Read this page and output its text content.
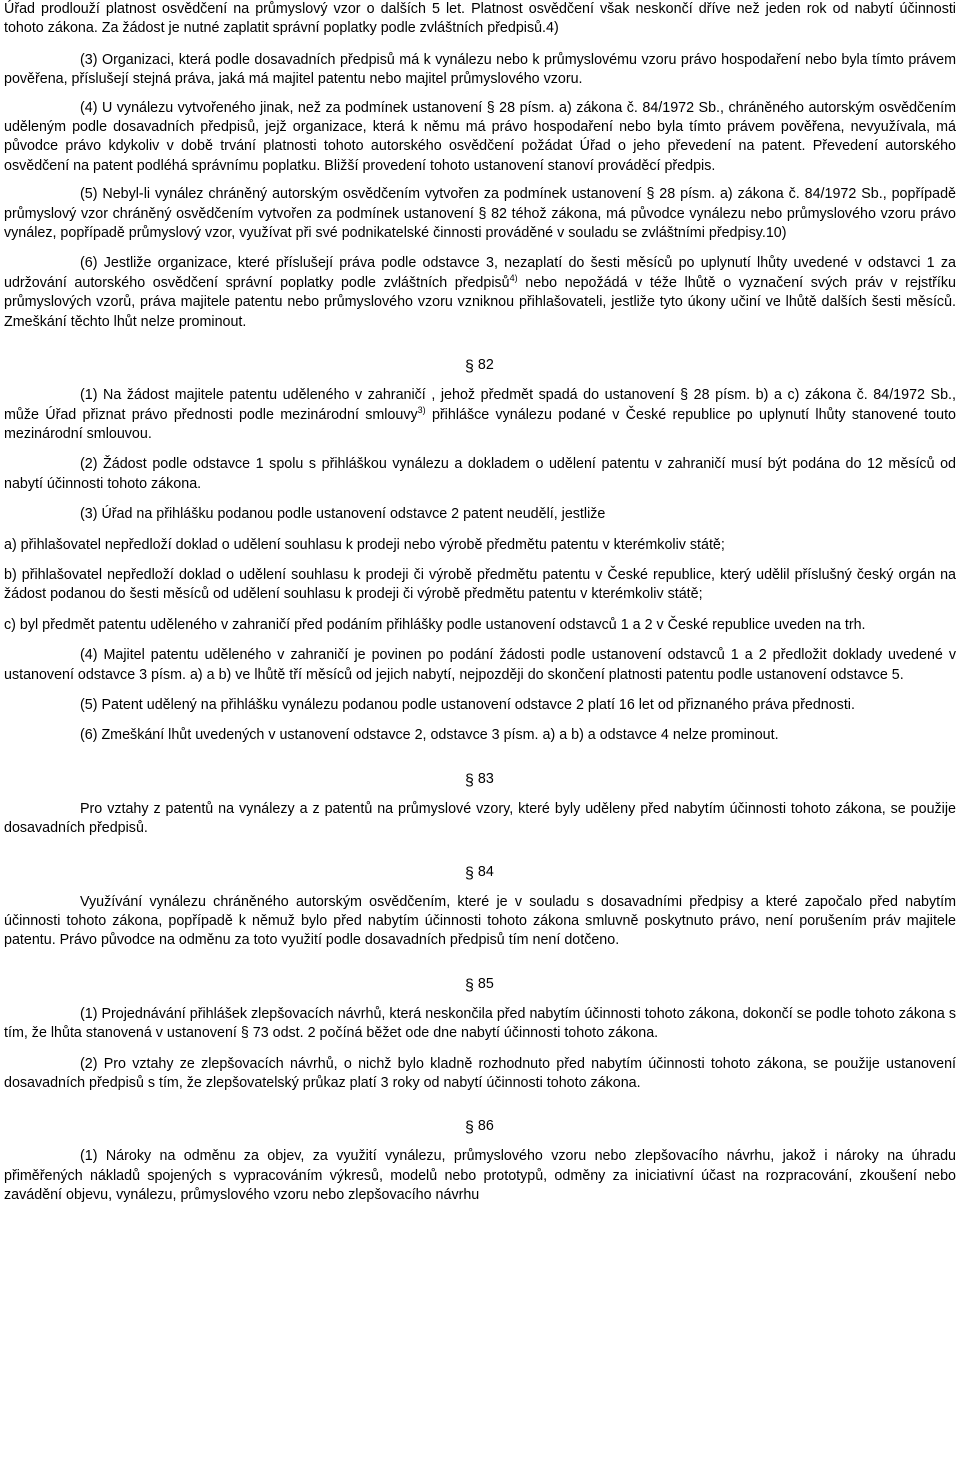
Úřad prodlouží platnost osvědčení na průmyslový vzor o dalších 5 let. Platnost osvědčení však neskončí dříve než jeden rok od nabytí účinnosti tohoto zákona. Za žádost je nutné zaplatit správní poplatky podle zvláštních předpisů.4)

(3) Organizaci, která podle dosavadních předpisů má k vynálezu nebo k průmyslovému vzoru právo hospodaření nebo byla tímto právem pověřena, příslušejí stejná práva, jaká má majitel patentu nebo majitel průmyslového vzoru.

(4) U vynálezu vytvořeného jinak, než za podmínek ustanovení § 28 písm. a) zákona č. 84/1972 Sb., chráněného autorským osvědčením uděleným podle dosavadních předpisů, jejž organizace, která k němu má právo hospodaření nebo byla tímto právem pověřena, nevyužívala, má původce právo kdykoliv v době trvání platnosti tohoto autorského osvědčení požádat Úřad o jeho převedení na patent. Převedení autorského osvědčení na patent podléhá správnímu poplatku. Bližší provedení tohoto ustanovení stanoví prováděcí předpis.

(5) Nebyl-li vynález chráněný autorským osvědčením vytvořen za podmínek ustanovení § 28 písm. a) zákona č. 84/1972 Sb., popřípadě průmyslový vzor chráněný osvědčením vytvořen za podmínek ustanovení § 82 téhož zákona, má původce vynálezu nebo průmyslového vzoru právo vynález, popřípadě průmyslový vzor, využívat při své podnikatelské činnosti prováděné v souladu se zvláštními předpisy.10)

(6) Jestliže organizace, které příslušejí práva podle odstavce 3, nezaplatí do šesti měsíců po uplynutí lhůty uvedené v odstavci 1 za udržování autorského osvědčení správní poplatky podle zvláštních předpisů$^{4)}$ nebo nepožádá v téže lhůtě o vyznačení svých práv v rejstříku průmyslových vzorů, práva majitele patentu nebo průmyslového vzoru vzniknou přihlašovateli, jestliže tyto úkony učiní ve lhůtě dalších šesti měsíců. Zmeškání těchto lhůt nelze prominout.

§ 82

(1) Na žádost majitele patentu uděleného v zahraničí , jehož předmět spadá do ustanovení § 28 písm. b) a c) zákona č. 84/1972 Sb., může Úřad přiznat právo přednosti podle mezinárodní smlouvy$^{3)}$ přihlášce vynálezu podané v České republice po uplynutí lhůty stanovené touto mezinárodní smlouvou.

(2) Žádost podle odstavce 1 spolu s přihláškou vynálezu a dokladem o udělení patentu v zahraničí musí být podána do 12 měsíců od nabytí účinnosti tohoto zákona.

(3) Úřad na přihlášku podanou podle ustanovení odstavce 2 patent neudělí, jestliže

a) přihlašovatel nepředloží doklad o udělení souhlasu k prodeji nebo výrobě předmětu patentu v kterémkoliv státě;

b) přihlašovatel nepředloží doklad o udělení souhlasu k prodeji či výrobě předmětu patentu v České republice, který udělil příslušný český orgán na žádost podanou do šesti měsíců od udělení souhlasu k prodeji či výrobě předmětu patentu v kterémkoliv státě;

c) byl předmět patentu uděleného v zahraničí před podáním přihlášky podle ustanovení odstavců 1 a 2 v České republice uveden na trh.

(4) Majitel patentu uděleného v zahraničí je povinen po podání žádosti podle ustanovení odstavců 1 a 2 předložit doklady uvedené v ustanovení odstavce 3 písm. a) a b) ve lhůtě tří měsíců od jejich nabytí, nejpozději do skončení platnosti patentu podle ustanovení odstavce 5.

(5) Patent udělený na přihlášku vynálezu podanou podle ustanovení odstavce 2 platí 16 let od přiznaného práva přednosti.

(6) Zmeškání lhůt uvedených v ustanovení odstavce 2, odstavce 3 písm. a) a b) a odstavce 4 nelze prominout.

§ 83

Pro vztahy z patentů na vynálezy a z patentů na průmyslové vzory, které byly uděleny před nabytím účinnosti tohoto zákona, se použije dosavadních předpisů.

§ 84

Využívání vynálezu chráněného autorským osvědčením, které je v souladu s dosavadními předpisy a které započalo před nabytím účinnosti tohoto zákona, popřípadě k němuž bylo před nabytím účinnosti tohoto zákona smluvně poskytnuto právo, není porušením práv majitele patentu. Právo původce na odměnu za toto využití podle dosavadních předpisů tím není dotčeno.

§ 85

(1) Projednávání přihlášek zlepšovacích návrhů, která neskončila před nabytím účinnosti tohoto zákona, dokončí se podle tohoto zákona s tím, že lhůta stanovená v ustanovení § 73 odst. 2 počíná běžet ode dne nabytí účinnosti tohoto zákona.

(2) Pro vztahy ze zlepšovacích návrhů, o nichž bylo kladně rozhodnuto před nabytím účinnosti tohoto zákona, se použije ustanovení dosavadních předpisů s tím, že zlepšovatelský průkaz platí 3 roky od nabytí účinnosti tohoto zákona.

§ 86

(1) Nároky na odměnu za objev, za využití vynálezu, průmyslového vzoru nebo zlepšovacího návrhu, jakož i nároky na úhradu přiměřených nákladů spojených s vypracováním výkresů, modelů nebo prototypů, odměny za iniciativní účast na rozpracování, zkoušení nebo zavádění objevu, vynálezu, průmyslového vzoru nebo zlepšovacího návrhu
